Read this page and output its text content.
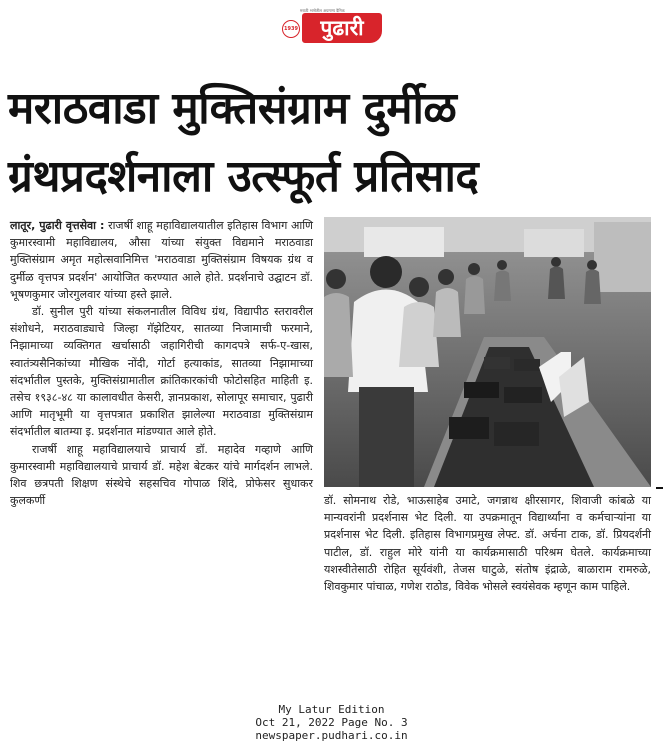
मराठी भाषेतील अग्रगण्य दैनिक
1939	पुढारी
मराठवाडा मुक्तिसंग्राम दुर्मीळ
ग्रंथप्रदर्शनाला उत्स्फूर्त प्रतिसाद

लातूर, पुढारी वृत्तसेवा : राजर्षी शाहू महाविद्यालयातील इतिहास विभाग आणि कुमारस्वामी महाविद्यालय, औसा यांच्या संयुक्त विद्यमाने मराठवाडा मुक्तिसंग्राम अमृत महोत्सवानिमित्त 'मराठवाडा मुक्तिसंग्राम विषयक ग्रंथ व दुर्मीळ वृत्तपत्र प्रदर्शन' आयोजित करण्यात आले होते. प्रदर्शनाचे उद्घाटन डॉ. भूषणकुमार जोरगुलवार यांच्या हस्ते झाले.

डॉ. सुनील पुरी यांच्या संकलनातील विविध ग्रंथ, विद्यापीठ स्तरावरील संशोधने, मराठवाड्याचे जिल्हा गॅझेटियर, सातव्या निजामाची फरमाने, निझामाच्या व्यक्तिगत खर्चासाठी जहागिरीची कागदपत्रे सर्फ-ए-खास, स्वातंत्र्यसैनिकांच्या मौखिक नोंदी, गोर्टा हत्याकांड, सातव्या निझामाच्या संदर्भातील पुस्तके, मुक्तिसंग्रामातील क्रांतिकारकांची फोटोसहित माहिती इ. तसेच १९३८-४८ या कालावधीत केसरी, ज्ञानप्रकाश, सोलापूर समाचार, पुढारी आणि मातृभूमी या वृत्तपत्रात प्रकाशित झालेल्या मराठवाडा मुक्तिसंग्राम संदर्भातील बातम्या इ. प्रदर्शनात मांडण्यात आले होते.

राजर्षी शाहू महाविद्यालयाचे प्राचार्य डॉ. महादेव गव्हाणे आणि कुमारस्वामी महाविद्यालयाचे प्राचार्य डॉ. महेश बेटकर यांचे मार्गदर्शन लाभले. शिव छत्रपती शिक्षण संस्थेचे सहसचिव गोपाळ शिंदे, प्रोफेसर सुधाकर कुलकर्णी	डॉ. सोमनाथ रोडे, भाऊसाहेब उमाटे, जगन्नाथ क्षीरसागर, शिवाजी कांबळे या मान्यवरांनी प्रदर्शनास भेट दिली. या उपक्रमातून विद्यार्थ्यांना व कर्मचाऱ्यांना या प्रदर्शनास भेट दिली. इतिहास विभागप्रमुख लेफ्ट. डॉ. अर्चना टाक, डॉ. प्रियदर्शनी पाटील, डॉ. राहुल मोरे यांनी या कार्यक्रमासाठी परिश्रम घेतले. कार्यक्रमाच्या यशस्वीतेसाठी रोहित सूर्यवंशी, तेजस घाटुळे, संतोष इंद्राळे, बाळाराम रामरुळे, शिवकुमार पांचाळ, गणेश राठोड, विवेक भोसले स्वयंसेवक म्हणून काम पाहिले.

My Latur Edition
Oct 21, 2022 Page No. 3
newspaper.pudhari.co.in
